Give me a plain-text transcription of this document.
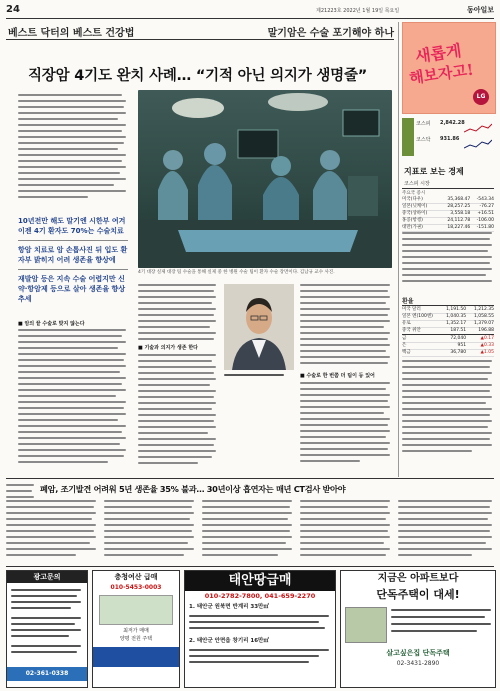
24	제21223호 2022년 1월 19일 목요일	동아일보
베스트 닥터의 베스트 건강법	말기암은 수술 포기해야 하나
직장암 4기도 완치 사례… “기적 아닌 의지가 생명줄”
4기 대장 실제 대장 팀 수술을 통해 실제 중 한 병원 수술 팀이 환자 수술 장면이다. 김남규 교수 사진.
10년전만 해도 말기엔 시한부 여겨 이젠 4기 환자도 70%는 수술치료
항암 치료로 암 손톱사진 뒤 입도 환자부 밝히지 어려 생존율 향상에
재발암 등은 지속 수술 어렵지만 신약·항암제 등으로 살아 생존율 향상 추세
■ 암의 끝 수술로 맞지 않는다
■ 기술과 의지가 생존 한다
■ 수술로 한 번쯤 더 팀이 등 있어
새롭게
해보자고!
LG
코스피 2,842.28
코스닥 931.86
지표로 보는 경제
코스피 시장
주요국 증시
미국(다우)	35,368.47	-543.34
일본(닛케이)	28,257.25	-76.27
중국(상하이)	3,558.18	+16.51
홍콩(항셍)	24,112.78	-106.00
대만(가권)	18,227.46	-151.80
환율
미국 달러	1,191.50	1,212.35
일본 엔(100엔)	1,040.35	1,058.55
유로	1,352.17	1,379.07
중국 위안	187.51	196.88
금	72,040	▲0.17
은	951	▲0.33
백금	36,780	▲1.05
폐암, 조기발견 어려워 5년 생존율 35% 불과… 30년이상 흡연자는 매년 CT검사 받아야
광고문의
02-361-0338
충청여산 급매
010-5453-0003
최저가 매매
양평 전원 주택
태안땅급매
010-2782-7800, 041-659-2270
1. 태안군 원북면 반계리 33만㎡
2. 태안군 안면읍 창기리 16만㎡
지금은 아파트보다
단독주택이 대세!
살고싶은집 단독주택
02-3431-2890
